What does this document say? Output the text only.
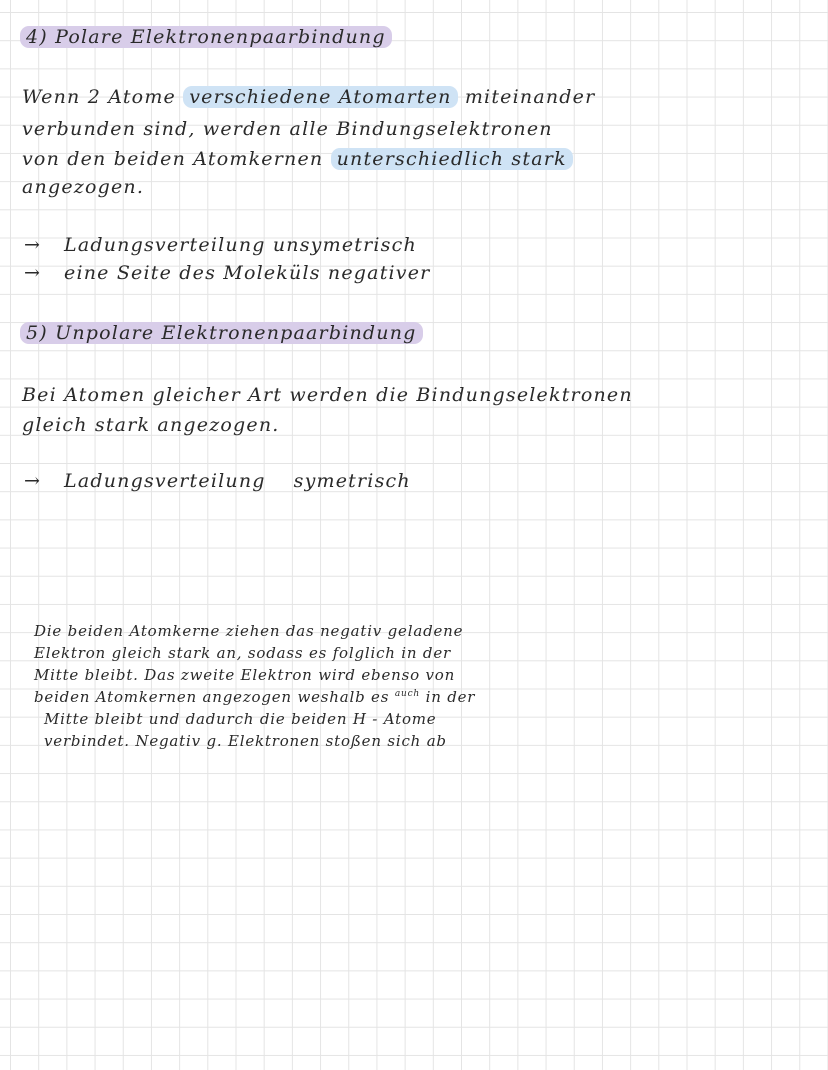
4) Polare Elektronenpaarbindung
Wenn 2 Atome verschiedene Atomarten miteinander
verbunden sind, werden alle Bindungselektronen
von den beiden Atomkernen unterschiedlich stark
angezogen.
→ Ladungsverteilung unsymetrisch
→ eine Seite des Moleküls negativer
5) Unpolare Elektronenpaarbindung
Bei Atomen gleicher Art werden die Bindungselektronen
gleich stark angezogen.
→ Ladungsverteilung symetrisch
Die beiden Atomkerne ziehen das negativ geladene
Elektron gleich stark an, sodass es folglich in der
Mitte bleibt. Das zweite Elektron wird ebenso von
beiden Atomkernen angezogen weshalb es $^{auch}$ in der
Mitte bleibt und dadurch die beiden H - Atome
verbindet. Negativ g. Elektronen stoßen sich ab
